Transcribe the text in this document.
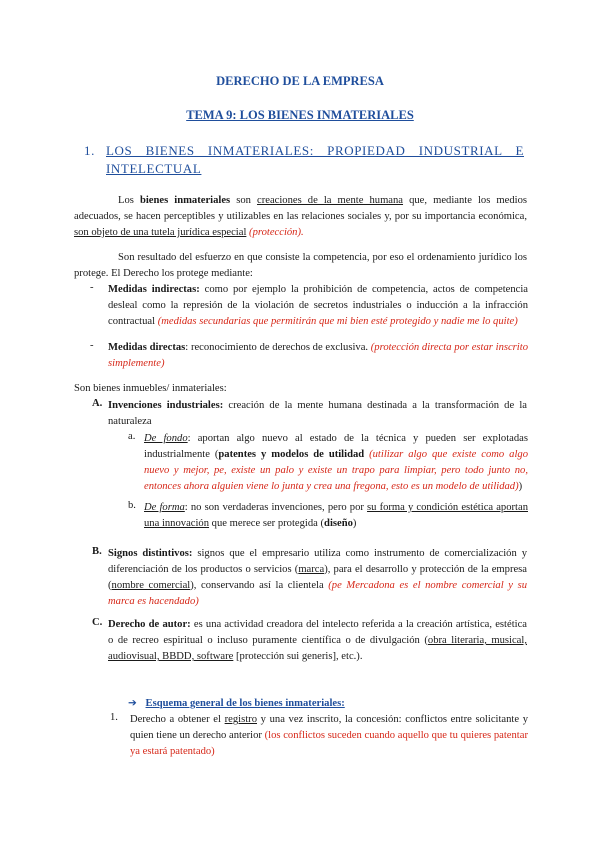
DERECHO DE LA EMPRESA
TEMA 9: LOS BIENES INMATERIALES
1. LOS BIENES INMATERIALES: PROPIEDAD INDUSTRIAL E INTELECTUAL

Los bienes inmateriales son creaciones de la mente humana que, mediante los medios adecuados, se hacen perceptibles y utilizables en las relaciones sociales y, por su importancia económica, son objeto de una tutela jurídica especial (protección).

Son resultado del esfuerzo en que consiste la competencia, por eso el ordenamiento jurídico los protege. El Derecho los protege mediante:

- Medidas indirectas: como por ejemplo la prohibición de competencia, actos de competencia desleal como la represión de la violación de secretos industriales o inducción a la infracción contractual (medidas secundarias que permitirán que mi bien esté protegido y nadie me lo quite)
- Medidas directas: reconocimiento de derechos de exclusiva. (protección directa por estar inscrito simplemente)

Son bienes inmuebles/ inmateriales:

A. Invenciones industriales: creación de la mente humana destinada a la transformación de la naturaleza
a. De fondo: aportan algo nuevo al estado de la técnica y pueden ser explotadas industrialmente (patentes y modelos de utilidad (utilizar algo que existe como algo nuevo y mejor, pe, existe un palo y existe un trapo para limpiar, pero todo junto no, entonces ahora alguien viene lo junta y crea una fregona, esto es un modelo de utilidad))
b. De forma: no son verdaderas invenciones, pero por su forma y condición estética aportan una innovación que merece ser protegida (diseño)
B. Signos distintivos: signos que el empresario utiliza como instrumento de comercialización y diferenciación de los productos o servicios (marca), para el desarrollo y protección de la empresa (nombre comercial), conservando así la clientela (pe Mercadona es el nombre comercial y su marca es hacendado)
C. Derecho de autor: es una actividad creadora del intelecto referida a la creación artística, estética o de recreo espiritual o incluso puramente científica o de divulgación (obra literaria, musical, audiovisual, BBDD, software [protección sui generis], etc.).
➔ Esquema general de los bienes inmateriales:
1. Derecho a obtener el registro y una vez inscrito, la concesión: conflictos entre solicitante y quien tiene un derecho anterior (los conflictos suceden cuando aquello que tu quieres patentar ya estará patentado)
